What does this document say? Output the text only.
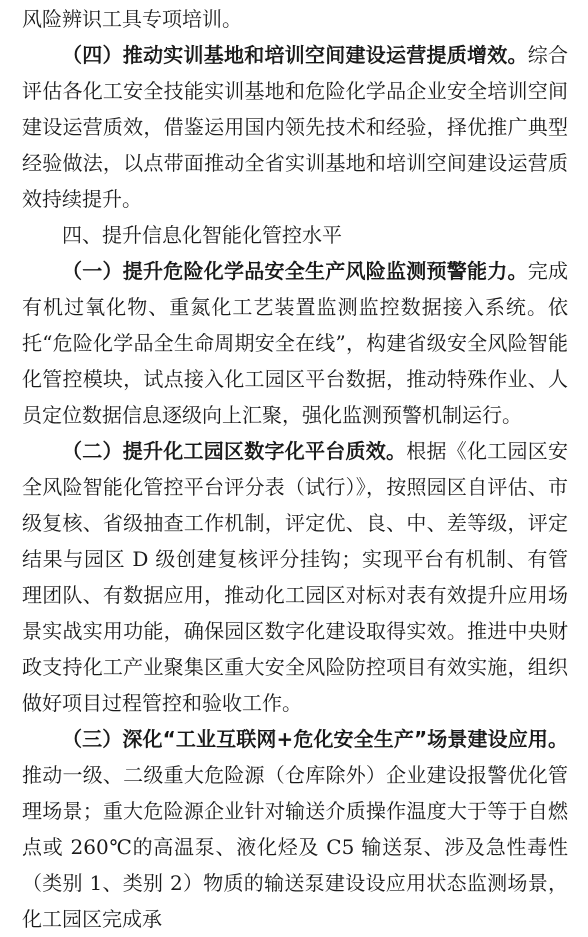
风险辨识工具专项培训。

（四）推动实训基地和培训空间建设运营提质增效。综合评估各化工安全技能实训基地和危险化学品企业安全培训空间建设运营质效，借鉴运用国内领先技术和经验，择优推广典型经验做法，以点带面推动全省实训基地和培训空间建设运营质效持续提升。

四、提升信息化智能化管控水平

（一）提升危险化学品安全生产风险监测预警能力。完成有机过氧化物、重氮化工艺装置监测监控数据接入系统。依托“危险化学品全生命周期安全在线”，构建省级安全风险智能化管控模块，试点接入化工园区平台数据，推动特殊作业、人员定位数据信息逐级向上汇聚，强化监测预警机制运行。

（二）提升化工园区数字化平台质效。根据《化工园区安全风险智能化管控平台评分表（试行）》，按照园区自评估、市级复核、省级抽查工作机制，评定优、良、中、差等级，评定结果与园区 D 级创建复核评分挂钩；实现平台有机制、有管理团队、有数据应用，推动化工园区对标对表有效提升应用场景实战实用功能，确保园区数字化建设取得实效。推进中央财政支持化工产业聚集区重大安全风险防控项目有效实施，组织做好项目过程管控和验收工作。

（三）深化“工业互联网+危化安全生产”场景建设应用。推动一级、二级重大危险源（仓库除外）企业建设报警优化管理场景；重大危险源企业针对输送介质操作温度大于等于自燃点或 260℃的高温泵、液化烃及 C5 输送泵、涉及急性毒性（类别 1、类别 2）物质的输送泵建设设应用状态监测场景， 化工园区完成承
